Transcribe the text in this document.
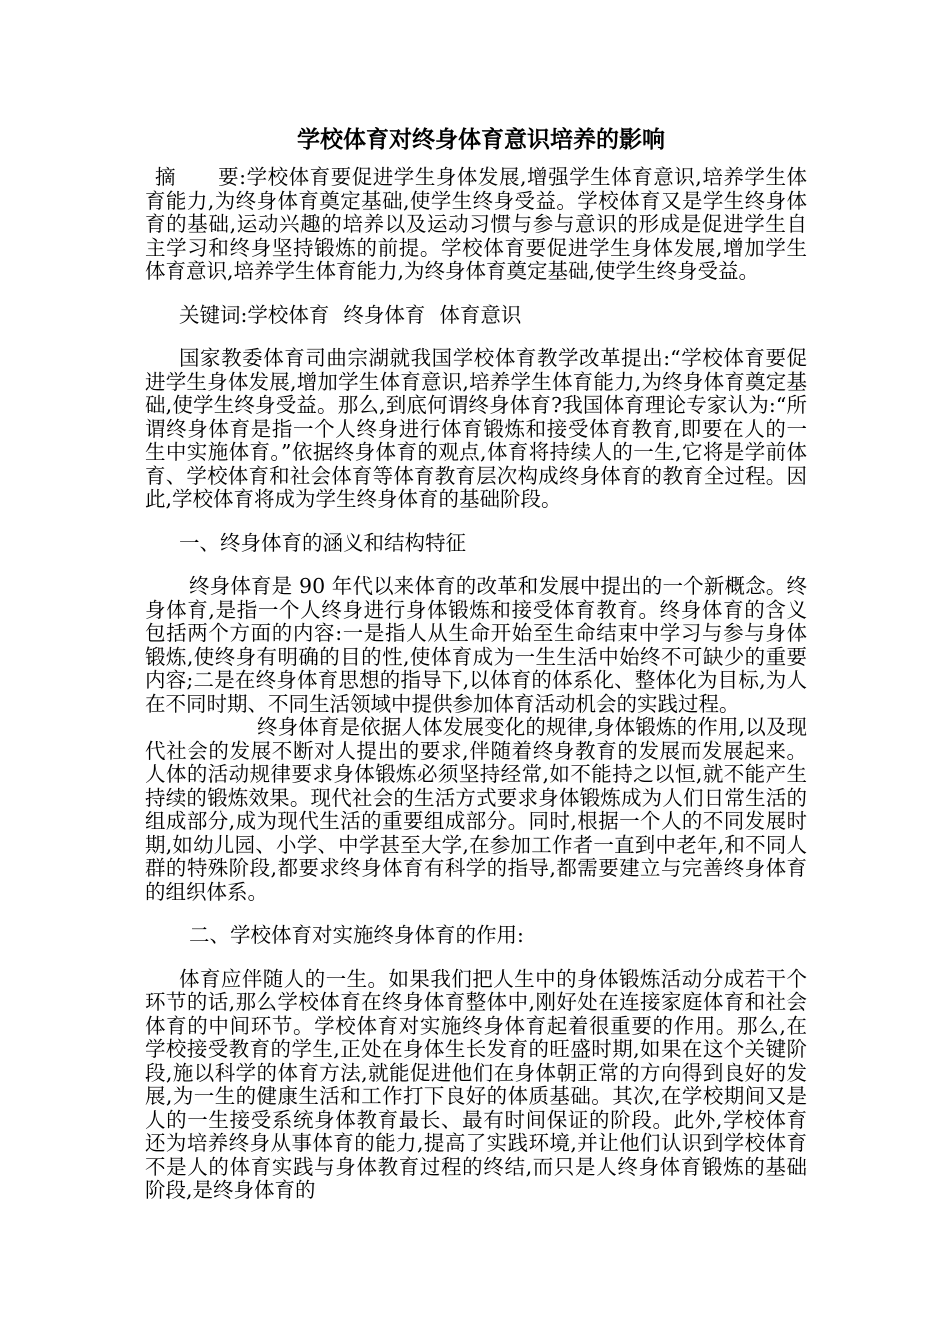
学校体育对终身体育意识培养的影响

摘　　要:学校体育要促进学生身体发展,增强学生体育意识,培养学生体育能力,为终身体育奠定基础,使学生终身受益。学校体育又是学生终身体育的基础,运动兴趣的培养以及运动习惯与参与意识的形成是促进学生自主学习和终身坚持锻炼的前提。学校体育要促进学生身体发展,增加学生体育意识,培养学生体育能力,为终身体育奠定基础,使学生终身受益。

关键词:学校体育 终身体育 体育意识

国家教委体育司曲宗湖就我国学校体育教学改革提出:“学校体育要促进学生身体发展,增加学生体育意识,培养学生体育能力,为终身体育奠定基础,使学生终身受益。那么,到底何谓终身体育?我国体育理论专家认为:“所谓终身体育是指一个人终身进行体育锻炼和接受体育教育,即要在人的一生中实施体育。”依据终身体育的观点,体育将持续人的一生,它将是学前体育、学校体育和社会体育等体育教育层次构成终身体育的教育全过程。因此,学校体育将成为学生终身体育的基础阶段。

一、终身体育的涵义和结构特征

终身体育是 90 年代以来体育的改革和发展中提出的一个新概念。终身体育,是指一个人终身进行身体锻炼和接受体育教育。终身体育的含义包括两个方面的内容:一是指人从生命开始至生命结束中学习与参与身体锻炼,使终身有明确的目的性,使体育成为一生生活中始终不可缺少的重要内容;二是在终身体育思想的指导下,以体育的体系化、整体化为目标,为人在不同时期、不同生活领域中提供参加体育活动机会的实践过程。

终身体育是依据人体发展变化的规律,身体锻炼的作用,以及现代社会的发展不断对人提出的要求,伴随着终身教育的发展而发展起来。人体的活动规律要求身体锻炼必须坚持经常,如不能持之以恒,就不能产生持续的锻炼效果。现代社会的生活方式要求身体锻炼成为人们日常生活的组成部分,成为现代生活的重要组成部分。同时,根据一个人的不同发展时期,如幼儿园、小学、中学甚至大学,在参加工作者一直到中老年,和不同人群的特殊阶段,都要求终身体育有科学的指导,都需要建立与完善终身体育的组织体系。

二、学校体育对实施终身体育的作用:

体育应伴随人的一生。如果我们把人生中的身体锻炼活动分成若干个环节的话,那么学校体育在终身体育整体中,刚好处在连接家庭体育和社会体育的中间环节。学校体育对实施终身体育起着很重要的作用。那么,在学校接受教育的学生,正处在身体生长发育的旺盛时期,如果在这个关键阶段,施以科学的体育方法,就能促进他们在身体朝正常的方向得到良好的发展,为一生的健康生活和工作打下良好的体质基础。其次,在学校期间又是人的一生接受系统身体教育最长、最有时间保证的阶段。此外,学校体育还为培养终身从事体育的能力,提高了实践环境,并让他们认识到学校体育不是人的体育实践与身体教育过程的终结,而只是人终身体育锻炼的基础阶段,是终身体育的
